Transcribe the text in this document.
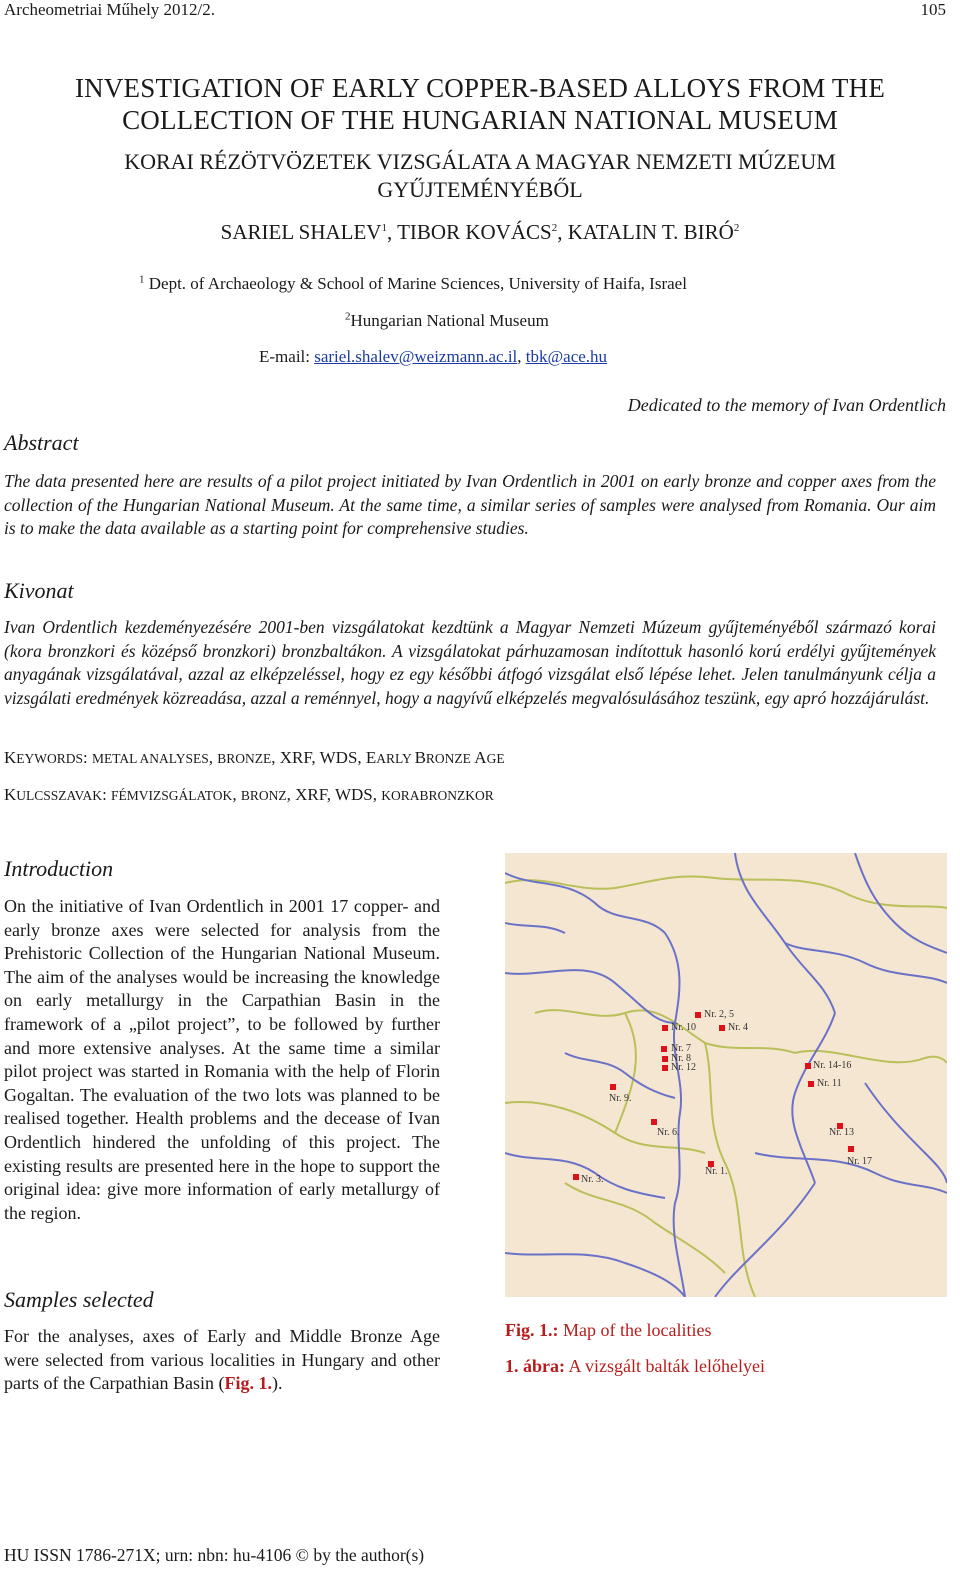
Archeometriai Műhely 2012/2.	105
INVESTIGATION OF EARLY COPPER-BASED ALLOYS FROM THE
COLLECTION OF THE HUNGARIAN NATIONAL MUSEUM
KORAI RÉZÖTVÖZETEK VIZSGÁLATA A MAGYAR NEMZETI MÚZEUM
GYŰJTEMÉNYÉBŐL
SARIEL SHALEV$^1$, TIBOR KOVÁCS$^2$, KATALIN T. BIRÓ$^2$
$^1$ Dept. of Archaeology & School of Marine Sciences, University of Haifa, Israel
$^2$Hungarian National Museum
E-mail: sariel.shalev@weizmann.ac.il, tbk@ace.hu
Dedicated to the memory of Ivan Ordentlich
Abstract
The data presented here are results of a pilot project initiated by Ivan Ordentlich in 2001 on early bronze and copper axes from the collection of the Hungarian National Museum. At the same time, a similar series of samples were analysed from Romania. Our aim is to make the data available as a starting point for comprehensive studies.
Kivonat
Ivan Ordentlich kezdeményezésére 2001-ben vizsgálatokat kezdtünk a Magyar Nemzeti Múzeum gyűjteményéből származó korai (kora bronzkori és középső bronzkori) bronzbaltákon. A vizsgálatokat párhuzamosan indítottuk hasonló korú erdélyi gyűjtemények anyagának vizsgálatával, azzal az elképzeléssel, hogy ez egy későbbi átfogó vizsgálat első lépése lehet. Jelen tanulmányunk célja a vizsgálati eredmények közreadása, azzal a reménnyel, hogy a nagyívű elképzelés megvalósulásához teszünk, egy apró hozzájárulást.
KEYWORDS: METAL ANALYSES, BRONZE, XRF, WDS, EARLY BRONZE AGE
KULCSSZAVAK: FÉMVIZSGÁLATOK, BRONZ, XRF, WDS, KORABRONZKOR
Introduction
On the initiative of Ivan Ordentlich in 2001 17 copper- and early bronze axes were selected for analysis from the Prehistoric Collection of the Hungarian National Museum. The aim of the analyses would be increasing the knowledge on early metallurgy in the Carpathian Basin in the framework of a „pilot project”, to be followed by further and more extensive analyses. At the same time a similar pilot project was started in Romania with the help of Florin Gogaltan. The evaluation of the two lots was planned to be realised together. Health problems and the decease of Ivan Ordentlich hindered the unfolding of this project. The existing results are presented here in the hope to support the original idea: give more information of early metallurgy of the region.
Samples selected
For the analyses, axes of Early and Middle Bronze Age were selected from various localities in Hungary and other parts of the Carpathian Basin (Fig. 1.).
Nr. 2, 5
Nr. 10	Nr. 4
Nr. 7
Nr. 8
Nr. 12	Nr. 14-16
Nr. 11
Nr. 9.
Nr. 6.	Nr. 13
Nr. 17
Nr. 1.
Nr. 3.
Fig. 1.: Map of the localities
1. ábra: A vizsgált balták lelőhelyei
HU ISSN 1786-271X; urn: nbn: hu-4106 © by the author(s)
